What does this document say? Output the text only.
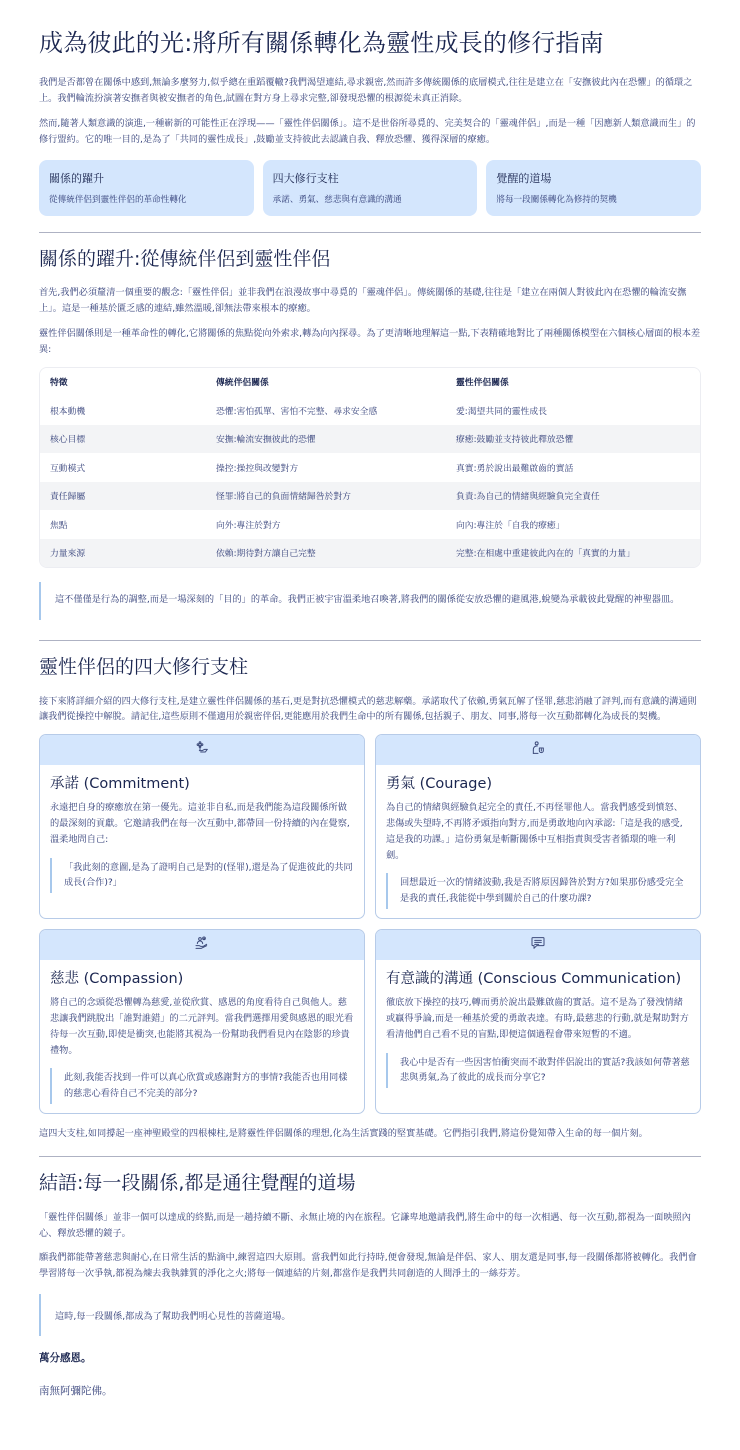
成為彼此的光:將所有關係轉化為靈性成長的修行指南

我們是否都曾在關係中感到,無論多麼努力,似乎總在重蹈覆轍?我們渴望連結,尋求親密,然而許多傳統關係的底層模式,往往是建立在「安撫彼此內在恐懼」的循環之上。我們輪流扮演著安撫者與被安撫者的角色,試圖在對方身上尋求完整,卻發現恐懼的根源從未真正消除。

然而,隨著人類意識的演進,一種嶄新的可能性正在浮現——「靈性伴侶關係」。這不是世俗所尋覓的、完美契合的「靈魂伴侶」,而是一種「因應新人類意識而生」的修行盟約。它的唯一目的,是為了「共同的靈性成長」,鼓勵並支持彼此去認識自我、釋放恐懼、獲得深層的療癒。

關係的躍升
從傳統伴侶到靈性伴侶的革命性轉化
四大修行支柱
承諾、勇氣、慈悲與有意識的溝通
覺醒的道場
將每一段關係轉化為修持的契機
關係的躍升:從傳統伴侶到靈性伴侶

首先,我們必須釐清一個重要的觀念:「靈性伴侶」並非我們在浪漫故事中尋覓的「靈魂伴侶」。傳統關係的基礎,往往是「建立在兩個人對彼此內在恐懼的輪流安撫上」。這是一種基於匱乏感的連結,雖然溫暖,卻無法帶來根本的療癒。

靈性伴侶關係則是一種革命性的轉化,它將關係的焦點從向外索求,轉為向內探尋。為了更清晰地理解這一點,下表精確地對比了兩種關係模型在六個核心層面的根本差異:

特徵	傳統伴侶關係	靈性伴侶關係
根本動機	恐懼:害怕孤單、害怕不完整、尋求安全感	愛:渴望共同的靈性成長
核心目標	安撫:輪流安撫彼此的恐懼	療癒:鼓勵並支持彼此釋放恐懼
互動模式	操控:操控與改變對方	真實:勇於說出最難啟齒的實話
責任歸屬	怪罪:將自己的負面情緒歸咎於對方	負責:為自己的情緒與經驗負完全責任
焦點	向外:專注於對方	向內:專注於「自我的療癒」
力量來源	依賴:期待對方讓自己完整	完整:在相處中重建彼此內在的「真實的力量」

這不僅僅是行為的調整,而是一場深刻的「目的」的革命。我們正被宇宙溫柔地召喚著,將我們的關係從安放恐懼的避風港,蛻變為承載彼此覺醒的神聖器皿。

靈性伴侶的四大修行支柱

接下來將詳細介紹的四大修行支柱,是建立靈性伴侶關係的基石,更是對抗恐懼模式的慈悲解藥。承諾取代了依賴,勇氣瓦解了怪罪,慈悲消融了評判,而有意識的溝通則讓我們從操控中解脫。請記住,這些原則不僅適用於親密伴侶,更能應用於我們生命中的所有關係,包括親子、朋友、同事,將每一次互動都轉化為成長的契機。

承諾 (Commitment)
永遠把自身的療癒放在第一優先。這並非自私,而是我們能為這段關係所做的最深刻的貢獻。它邀請我們在每一次互動中,都帶回一份持續的內在覺察,溫柔地問自己:
「我此刻的意圖,是為了證明自己是對的(怪罪),還是為了促進彼此的共同成長(合作)?」
勇氣 (Courage)
為自己的情緒與經驗負起完全的責任,不再怪罪他人。當我們感受到憤怒、悲傷或失望時,不再將矛頭指向對方,而是勇敢地向內承認:「這是我的感受,這是我的功課。」這份勇氣是斬斷關係中互相指責與受害者循環的唯一利劍。
回想最近一次的情緒波動,我是否將原因歸咎於對方?如果那份感受完全是我的責任,我能從中學到關於自己的什麼功課?
慈悲 (Compassion)
將自己的念頭從恐懼轉為慈愛,並從欣賞、感恩的角度看待自己與他人。慈悲讓我們跳脫出「誰對誰錯」的二元評判。當我們選擇用愛與感恩的眼光看待每一次互動,即使是衝突,也能將其視為一份幫助我們看見內在陰影的珍貴禮物。
此刻,我能否找到一件可以真心欣賞或感謝對方的事情?我能否也用同樣的慈悲心看待自己不完美的部分?
有意識的溝通 (Conscious Communication)
徹底放下操控的技巧,轉而勇於說出最難啟齒的實話。這不是為了發洩情緒或贏得爭論,而是一種基於愛的勇敢表達。有時,最慈悲的行動,就是幫助對方看清他們自己看不見的盲點,即便這個過程會帶來短暫的不適。
我心中是否有一些因害怕衝突而不敢對伴侶說出的實話?我該如何帶著慈悲與勇氣,為了彼此的成長而分享它?

這四大支柱,如同撐起一座神聖殿堂的四根棟柱,是將靈性伴侶關係的理想,化為生活實踐的堅實基礎。它們指引我們,將這份覺知帶入生命的每一個片刻。

結語:每一段關係,都是通往覺醒的道場

「靈性伴侶關係」並非一個可以達成的終點,而是一趟持續不斷、永無止境的內在旅程。它謙卑地邀請我們,將生命中的每一次相遇、每一次互動,都視為一面映照內心、釋放恐懼的鏡子。

願我們都能帶著慈悲與耐心,在日常生活的點滴中,練習這四大原則。當我們如此行持時,便會發現,無論是伴侶、家人、朋友還是同事,每一段關係都將被轉化。我們會學習將每一次爭執,都視為煉去我執雜質的淨化之火;將每一個連結的片刻,都當作是我們共同創造的人間淨土的一絲芬芳。

這時,每一段關係,都成為了幫助我們明心見性的菩薩道場。

萬分感恩。
南無阿彌陀佛。
